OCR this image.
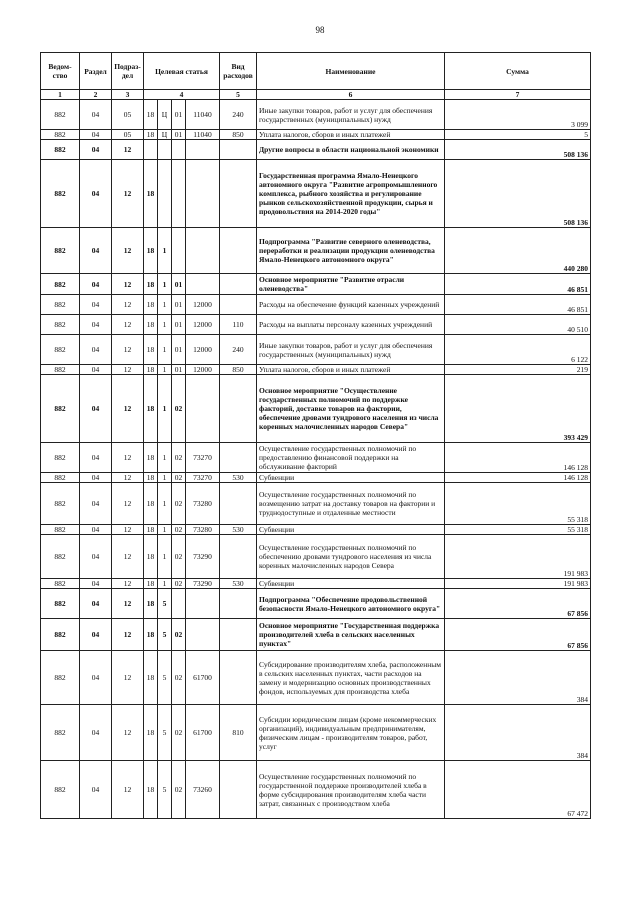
98
Ведом-ство	Раздел	Подраз-дел	Целевая статья				Вид расходов	Наименование	Сумма
1	2	3	4				5	6	7
882	04	05	18	Ц	01	11040	240	Иные закупки товаров, работ и услуг для обеспечения государственных (муниципальных) нужд	3 099
882	04	05	18	Ц	01	11040	850	Уплата налогов, сборов и иных платежей	5
882	04	12						Другие вопросы в области национальной экономики	508 136
882	04	12	18					Государственная программа Ямало-Ненецкого автономного округа "Развитие агропромышленного комплекса, рыбного хозяйства и регулирование рынков сельскохозяйственной продукции, сырья и продовольствия на 2014-2020 годы"	508 136
882	04	12	18	1				Подпрограмма "Развитие северного оленеводства, переработки и реализации продукции оленеводства Ямало-Ненецкого автономного округа"	440 280
882	04	12	18	1	01			Основное мероприятие "Развитие отрасли оленеводства"	46 851
882	04	12	18	1	01	12000		Расходы на обеспечение функций казенных учреждений	46 851
882	04	12	18	1	01	12000	110	Расходы на выплаты персоналу казенных учреждений	40 510
882	04	12	18	1	01	12000	240	Иные закупки товаров, работ и услуг для обеспечения государственных (муниципальных) нужд	6 122
882	04	12	18	1	01	12000	850	Уплата налогов, сборов и иных платежей	219
882	04	12	18	1	02			Основное мероприятие "Осуществление государственных полномочий по поддержке факторий, доставке товаров на фактории, обеспечение дровами тундрового населения из числа коренных малочисленных народов Севера"	393 429
882	04	12	18	1	02	73270		Осуществление государственных полномочий по предоставлению финансовой поддержки на обслуживание факторий	146 128
882	04	12	18	1	02	73270	530	Субвенции	146 128
882	04	12	18	1	02	73280		Осуществление государственных полномочий по возмещению затрат на доставку товаров на фактории и труднодоступные и отдаленные местности	55 318
882	04	12	18	1	02	73280	530	Субвенции	55 318
882	04	12	18	1	02	73290		Осуществление государственных полномочий по обеспечению дровами тундрового населения из числа коренных малочисленных народов Севера	191 983
882	04	12	18	1	02	73290	530	Субвенции	191 983
882	04	12	18	5				Подпрограмма "Обеспечение продовольственной безопасности Ямало-Ненецкого автономного округа"	67 856
882	04	12	18	5	02			Основное мероприятие "Государственная поддержка производителей хлеба в сельских населенных пунктах"	67 856
882	04	12	18	5	02	61700		Субсидирование производителям хлеба, расположенным в сельских населенных пунктах, части расходов на замену и модернизацию основных производственных фондов, используемых для производства хлеба	384
882	04	12	18	5	02	61700	810	Субсидии юридическим лицам (кроме некоммерческих организаций), индивидуальным предпринимателям, физическим лицам - производителям товаров, работ, услуг	384
882	04	12	18	5	02	73260		Осуществление государственных полномочий по государственной поддержке производителей хлеба в форме субсидирования производителям хлеба части затрат, связанных с производством хлеба	67 472
